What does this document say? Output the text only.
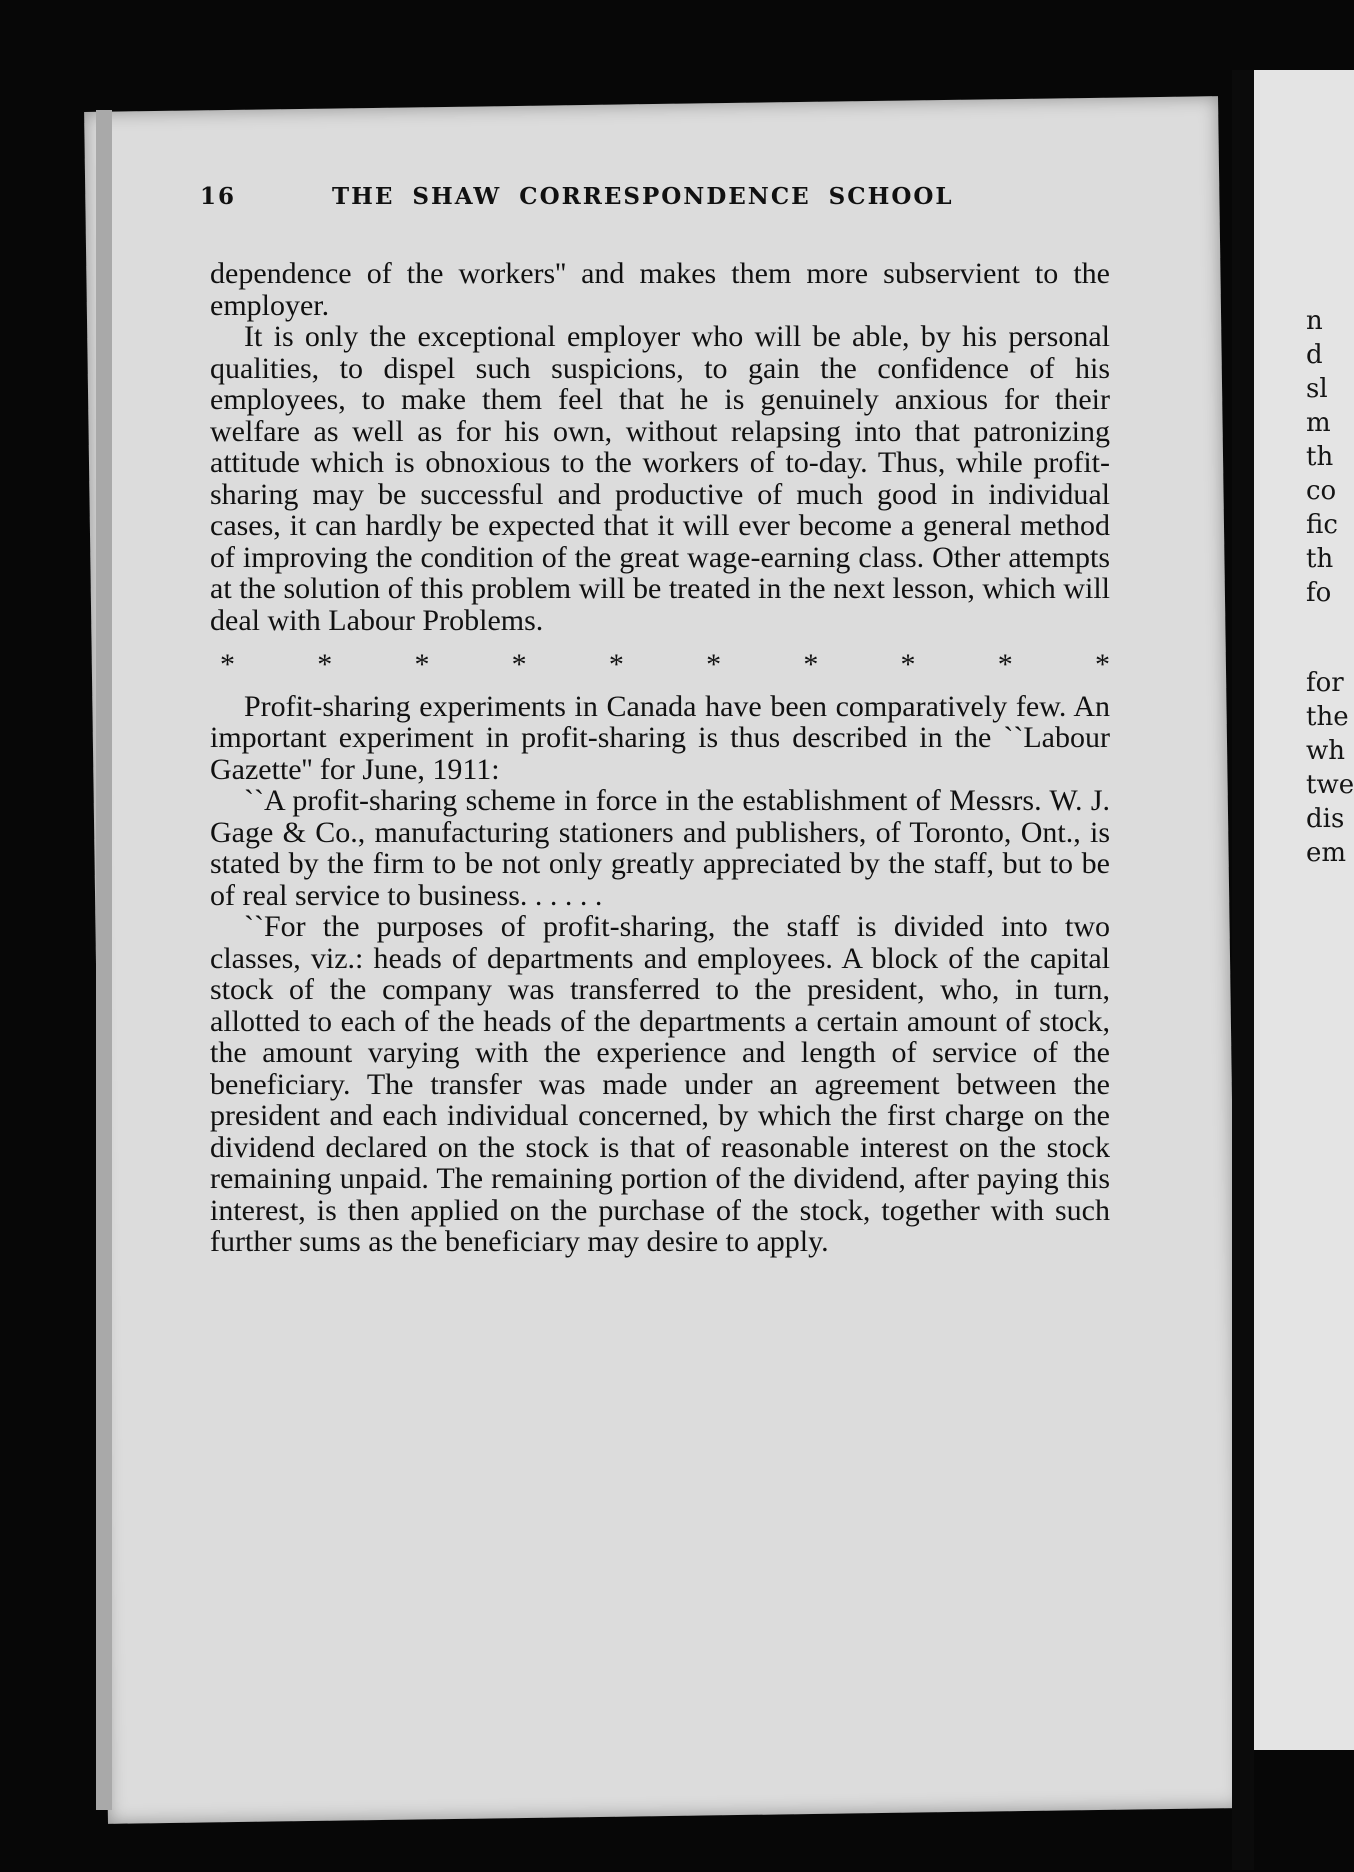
16	THE SHAW CORRESPONDENCE SCHOOL

dependence of the workers'' and makes them more subservient to the employer.

It is only the exceptional employer who will be able, by his personal qualities, to dispel such suspicions, to gain the confidence of his employees, to make them feel that he is genuinely anxious for their welfare as well as for his own, without relapsing into that patronizing attitude which is obnoxious to the workers of to-day. Thus, while profit-sharing may be successful and productive of much good in individual cases, it can hardly be expected that it will ever become a general method of improving the condition of the great wage-earning class. Other attempts at the solution of this problem will be treated in the next lesson, which will deal with Labour Problems.

*	*	*	*	*	*	*	*	*	*

Profit-sharing experiments in Canada have been comparatively few. An important experiment in profit-sharing is thus described in the ``Labour Gazette'' for June, 1911:

``A profit-sharing scheme in force in the establishment of Messrs. W. J. Gage & Co., manufacturing stationers and publishers, of Toronto, Ont., is stated by the firm to be not only greatly appreciated by the staff, but to be of real service to business. . . . . .

``For the purposes of profit-sharing, the staff is divided into two classes, viz.: heads of departments and employees. A block of the capital stock of the company was transferred to the president, who, in turn, allotted to each of the heads of the departments a certain amount of stock, the amount varying with the experience and length of service of the beneficiary. The transfer was made under an agreement between the president and each individual concerned, by which the first charge on the dividend declared on the stock is that of reasonable interest on the stock remaining unpaid. The remaining portion of the dividend, after paying this interest, is then applied on the purchase of the stock, together with such further sums as the beneficiary may desire to apply.

n
d
sl
m
th
co
fic
th
fo
for
the
wh
twe
dis
em
